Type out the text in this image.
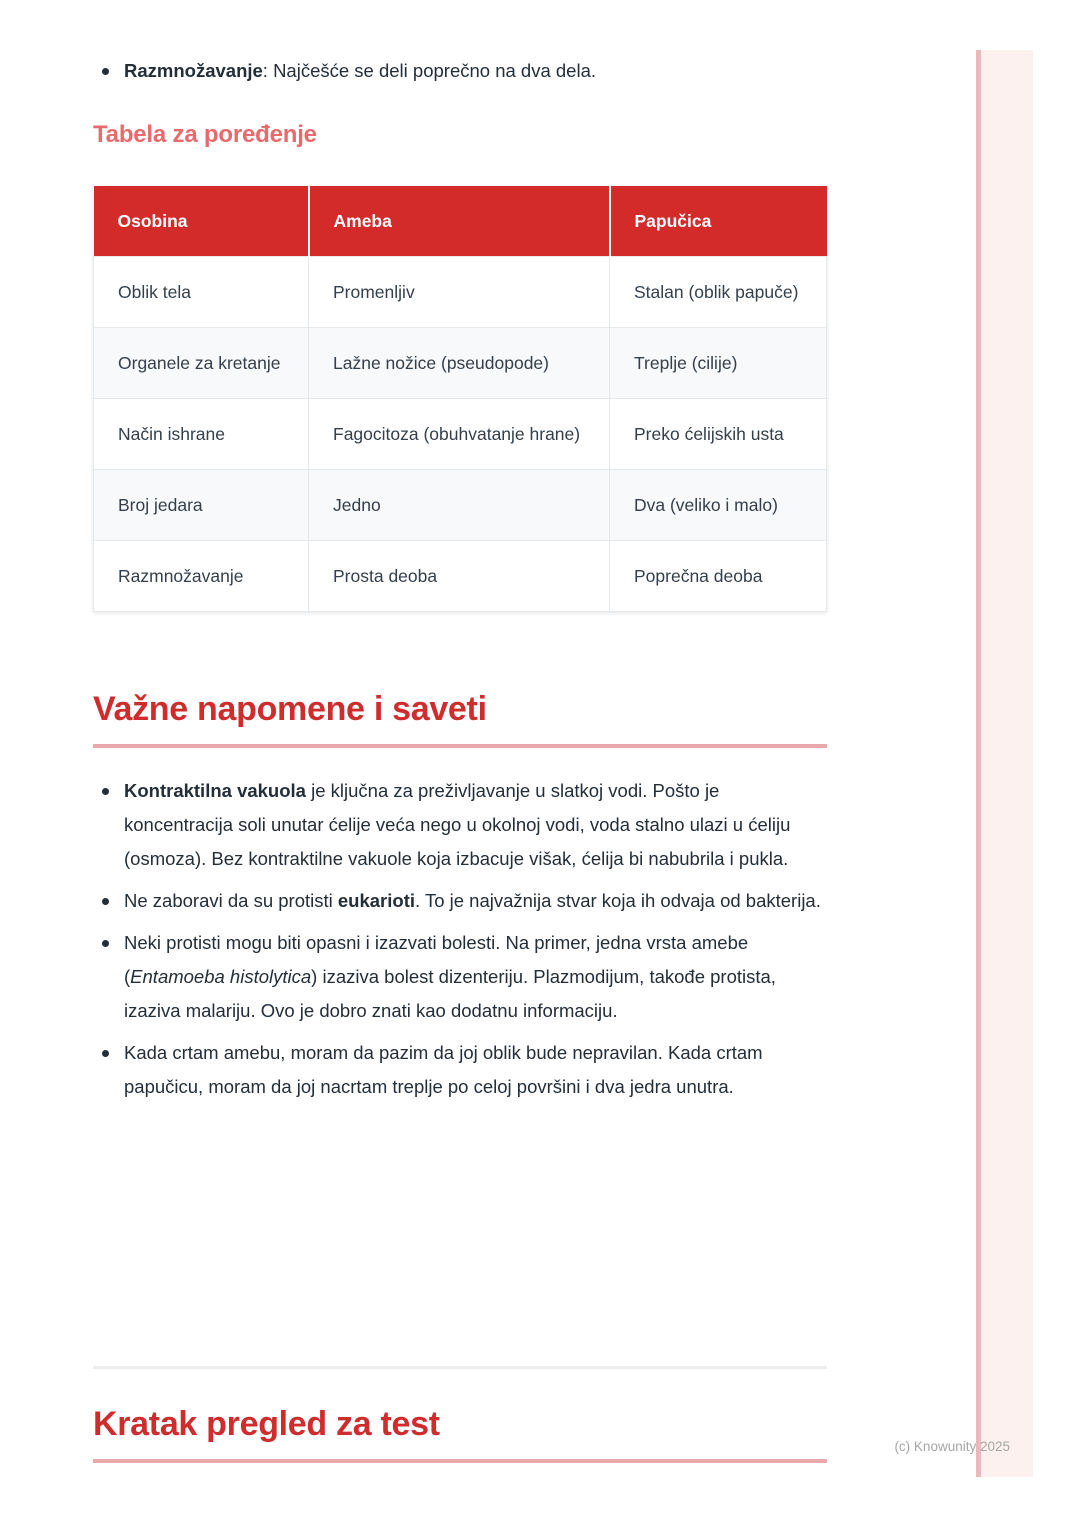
Razmnožavanje: Najčešće se deli poprečno na dva dela.
Tabela za poređenje
Osobina	Ameba	Papučica
Oblik tela	Promenljiv	Stalan (oblik papuče)
Organele za kretanje	Lažne nožice (pseudopode)	Treplje (cilije)
Način ishrane	Fagocitoza (obuhvatanje hrane)	Preko ćelijskih usta
Broj jedara	Jedno	Dva (veliko i malo)
Razmnožavanje	Prosta deoba	Poprečna deoba
Važne napomene i saveti
Kontraktilna vakuola je ključna za preživljavanje u slatkoj vodi. Pošto je koncentracija soli unutar ćelije veća nego u okolnoj vodi, voda stalno ulazi u ćeliju (osmoza). Bez kontraktilne vakuole koja izbacuje višak, ćelija bi nabubrila i pukla.
Ne zaboravi da su protisti eukarioti. To je najvažnija stvar koja ih odvaja od bakterija.
Neki protisti mogu biti opasni i izazvati bolesti. Na primer, jedna vrsta amebe (Entamoeba histolytica) izaziva bolest dizenteriju. Plazmodijum, takođe protista, izaziva malariju. Ovo je dobro znati kao dodatnu informaciju.
Kada crtam amebu, moram da pazim da joj oblik bude nepravilan. Kada crtam papučicu, moram da joj nacrtam treplje po celoj površini i dva jedra unutra.
Kratak pregled za test
(c) Knowunity 2025
